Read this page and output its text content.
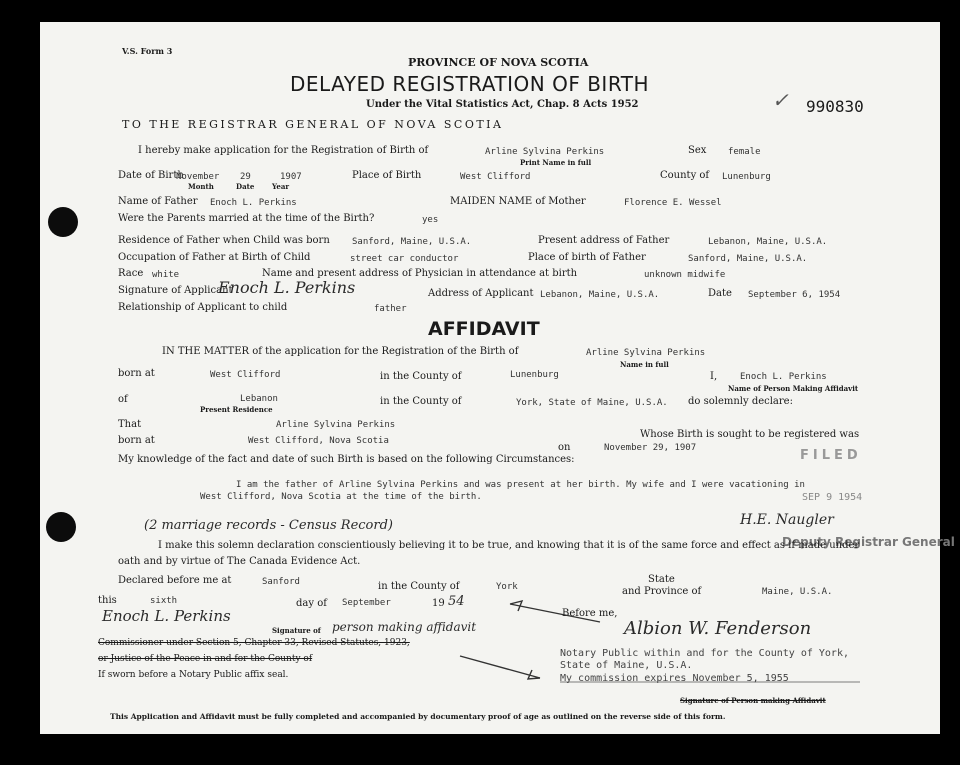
V.S. Form 3
PROVINCE OF NOVA SCOTIA
DELAYED REGISTRATION OF BIRTH
Under the Vital Statistics Act, Chap. 8 Acts 1952	✓ 990830
TO THE REGISTRAR GENERAL OF NOVA SCOTIA
I hereby make application for the Registration of Birth of	Arline Sylvina Perkins	Sex female
Print Name in full
Date of Birth
November 29	1907	Place of Birth	West Clifford	County of Lunenburg
Month	Date	Year
Name of Father Enoch L. Perkins	MAIDEN NAME of Mother	Florence E. Wessel
Were the Parents married at the time of the Birth?	yes
Residence of Father when Child was born Sanford, Maine, U.S.A.	Present address of Father	Lebanon, Maine, U.S.A.
Occupation of Father at Birth of Child	street car conductor	Place of birth of Father	Sanford, Maine, U.S.A.
Race white	Name and present address of Physician in attendance at birth	unknown midwife
Signature of Applicant
Enoch L. Perkins	Address of Applicant Lebanon, Maine, U.S.A.	Date September 6, 1954
Relationship of Applicant to child	father
AFFIDAVIT
IN THE MATTER of the application for the Registration of the Birth of	Arline Sylvina Perkins
Name in full
born at	West Clifford	in the County of	Lunenburg	I,	Enoch L. Perkins
Name of Person Making Affidavit
of	Lebanon
Present Residence
in the County of	York, State of Maine, U.S.A. do solemnly declare:
That	Arline Sylvina Perkins
Whose Birth is sought to be registered was
born at	West Clifford, Nova Scotia
on	November 29, 1907	FILED
My knowledge of the fact and date of such Birth is based on the following Circumstances:
I am the father of Arline Sylvina Perkins and was present at her birth. My wife and I were vacationing in
West Clifford, Nova Scotia at the time of the birth.	SEP 9 1954
(2 marriage records - Census Record)	H.E. Naugler
Deputy Registrar General
I make this solemn declaration conscientiously believing it to be true, and knowing that it is of the same force and effect as if made under
oath and by virtue of The Canada Evidence Act.
Declared before me at	Sanford	in the County of	York
State
and Province of	Maine, U.S.A.
this	sixth	day of September	19 54
Enoch L. Perkins
Signature of person making affidavit
Before me,
Albion W. Fenderson
Commissioner under Section 5, Chapter 33, Revised Statutes, 1923,
or Justice of the Peace in and for the County of
If sworn before a Notary Public affix seal.
Notary Public within and for the County of York,
State of Maine, U.S.A.
My commission expires November 5, 1955
Signature of Person making Affidavit
This Application and Affidavit must be fully completed and accompanied by documentary proof of age as outlined on the reverse side of this form.
